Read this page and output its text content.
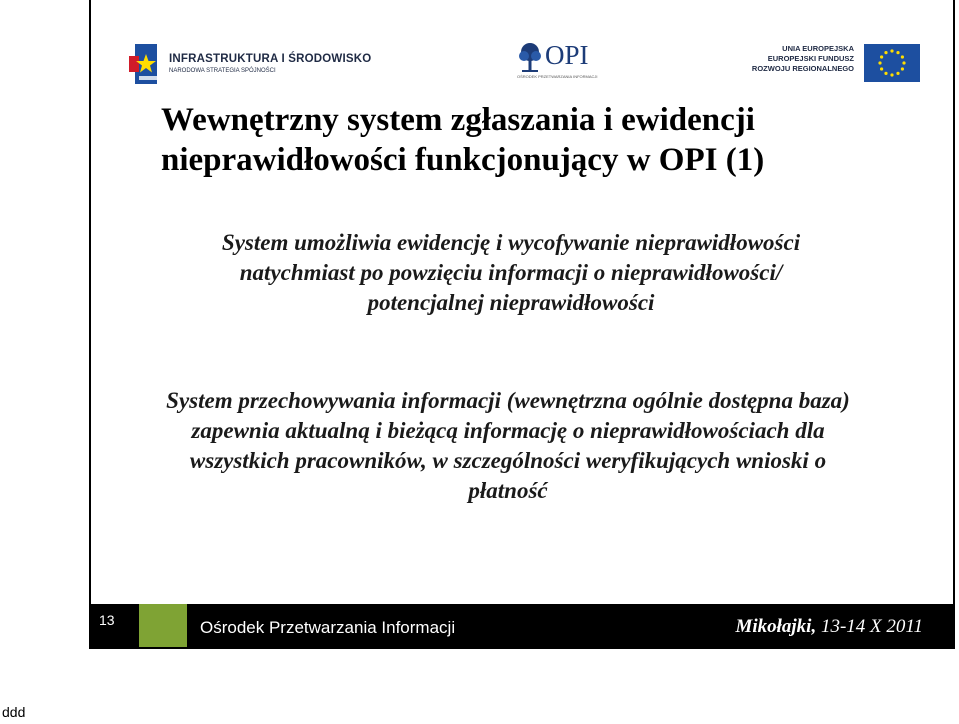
INFRASTRUKTURA I ŚRODOWISKO
NARODOWA STRATEGIA SPÓJNOŚCI
OPI
OŚRODEK PRZETWARZANIA INFORMACJI
UNIA EUROPEJSKA
EUROPEJSKI FUNDUSZ
ROZWOJU REGIONALNEGO
Wewnętrzny system zgłaszania i ewidencji nieprawidłowości funkcjonujący w OPI (1)
System umożliwia ewidencję i wycofywanie nieprawidłowości natychmiast po powzięciu informacji o nieprawidłowości/ potencjalnej nieprawidłowości
System przechowywania informacji (wewnętrzna ogólnie dostępna baza) zapewnia aktualną i bieżącą informację o nieprawidłowościach dla wszystkich pracowników, w szczególności weryfikujących wnioski o płatność
13	Ośrodek Przetwarzania Informacji	Mikołajki, 13-14 X 2011
ddd
